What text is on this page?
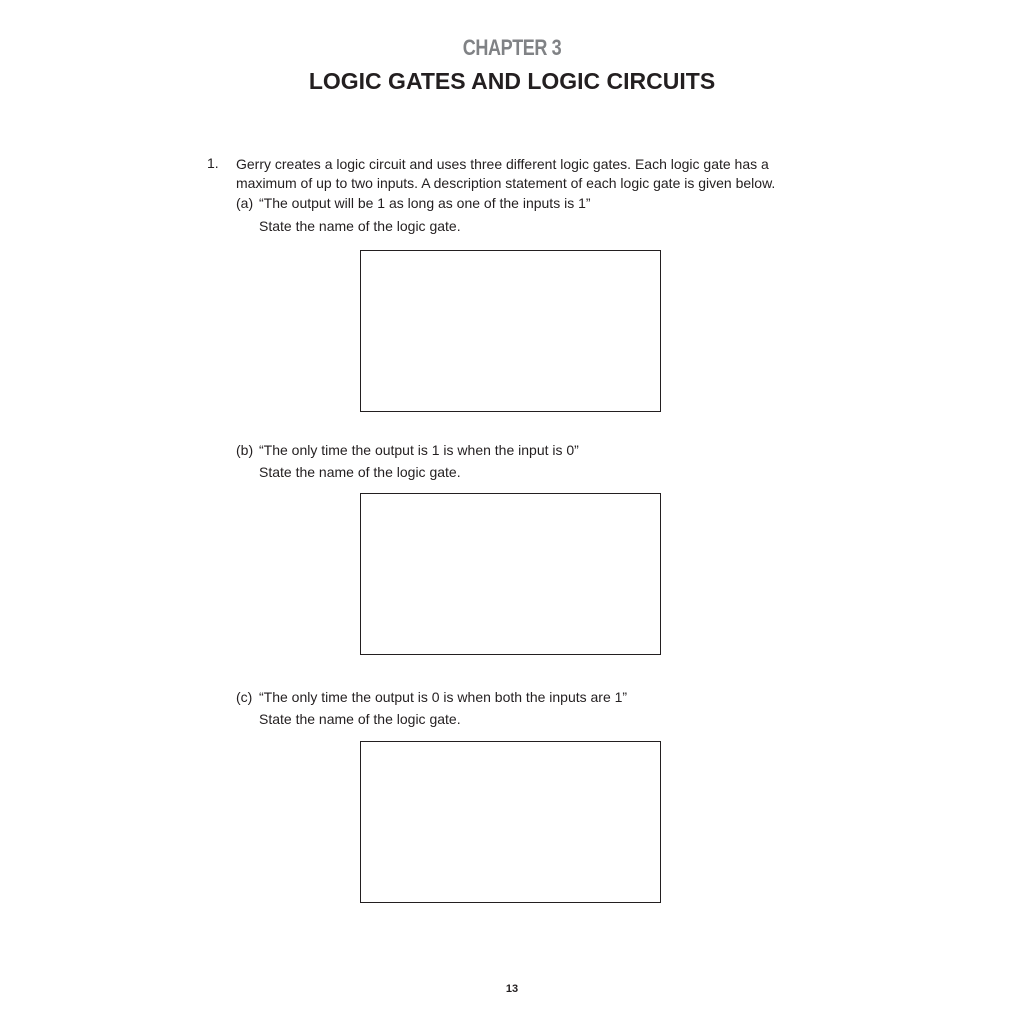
CHAPTER 3
LOGIC GATES AND LOGIC CIRCUITS
1. Gerry creates a logic circuit and uses three different logic gates. Each logic gate has a
maximum of up to two inputs. A description statement of each logic gate is given below.
(a) “The output will be 1 as long as one of the inputs is 1”
State the name of the logic gate.
(b) “The only time the output is 1 is when the input is 0”
State the name of the logic gate.
(c) “The only time the output is 0 is when both the inputs are 1”
State the name of the logic gate.
13
